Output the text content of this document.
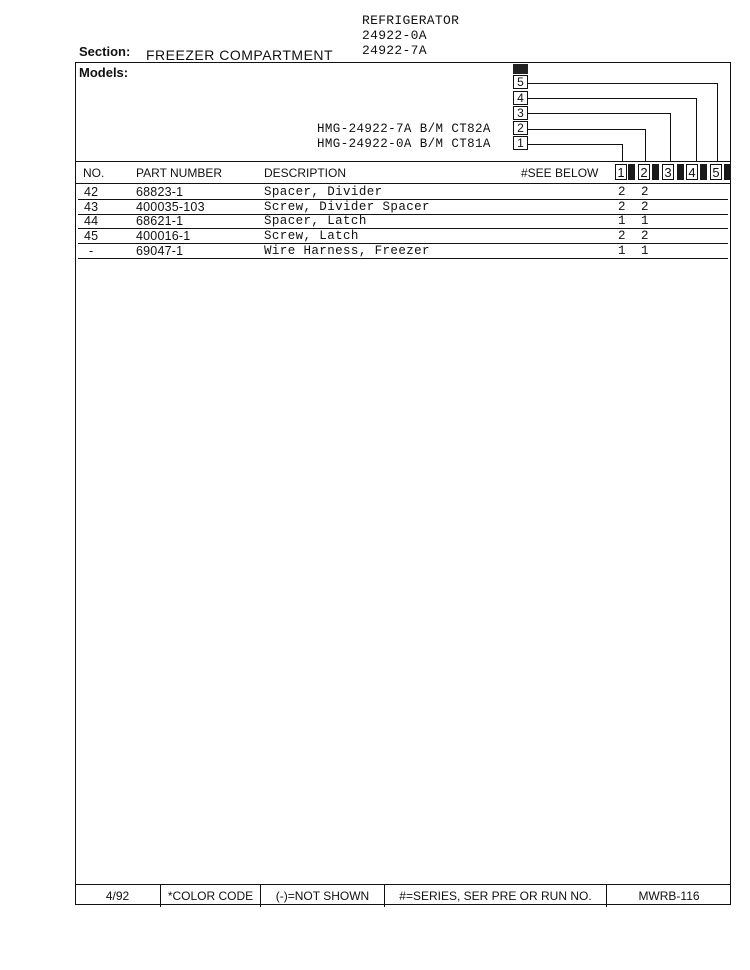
REFRIGERATOR
24922-0A
24922-7A
Section: FREEZER COMPARTMENT
Models:
5
4
3
2
1
HMG-24922-7A B/M CT82A
HMG-24922-0A B/M CT81A
NO.	PART NUMBER	DESCRIPTION	#SEE BELOW 1 2 3 4 5
42	68823-1	Spacer, Divider	2 2
43	400035-103	Screw, Divider Spacer	2 2
44	68621-1	Spacer, Latch	1 1
45	400016-1	Screw, Latch	2 2
-	69047-1	Wire Harness, Freezer	1 1
4/92	*COLOR CODE	(-)=NOT SHOWN	#=SERIES, SER PRE OR RUN NO.	MWRB-116
